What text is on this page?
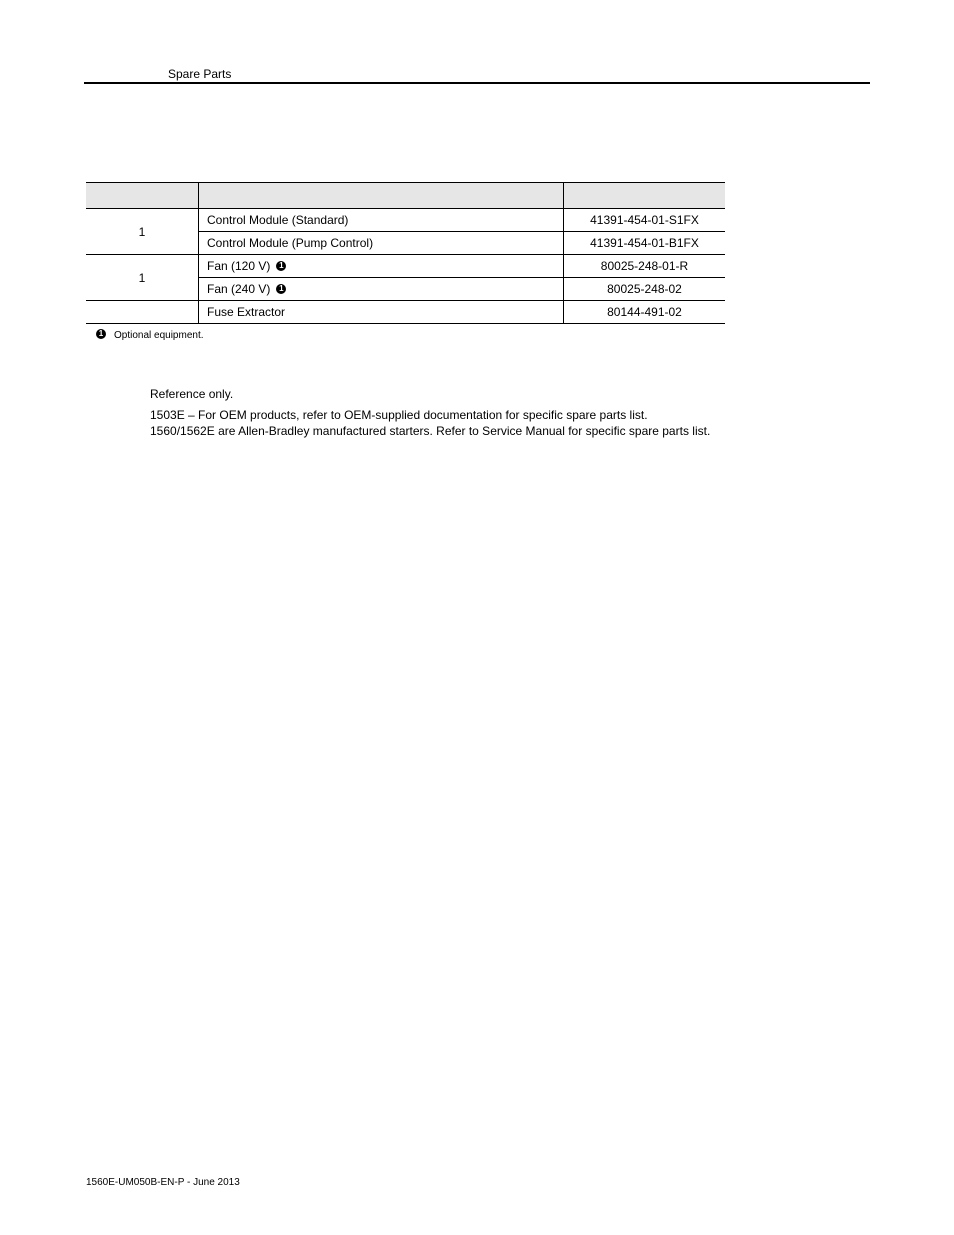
Spare Parts

1	Control Module (Standard)	41391-454-01-S1FX
	Control Module (Pump Control)	41391-454-01-B1FX
1	Fan (120 V) 1	80025-248-01-R
	Fan (240 V) 1	80025-248-02
	Fuse Extractor	80144-491-02
1 Optional equipment.
Reference only.
1503E – For OEM products, refer to OEM-supplied documentation for specific spare parts list.
1560/1562E are Allen-Bradley manufactured starters. Refer to Service Manual for specific spare parts list.
1560E-UM050B-EN-P - June 2013
